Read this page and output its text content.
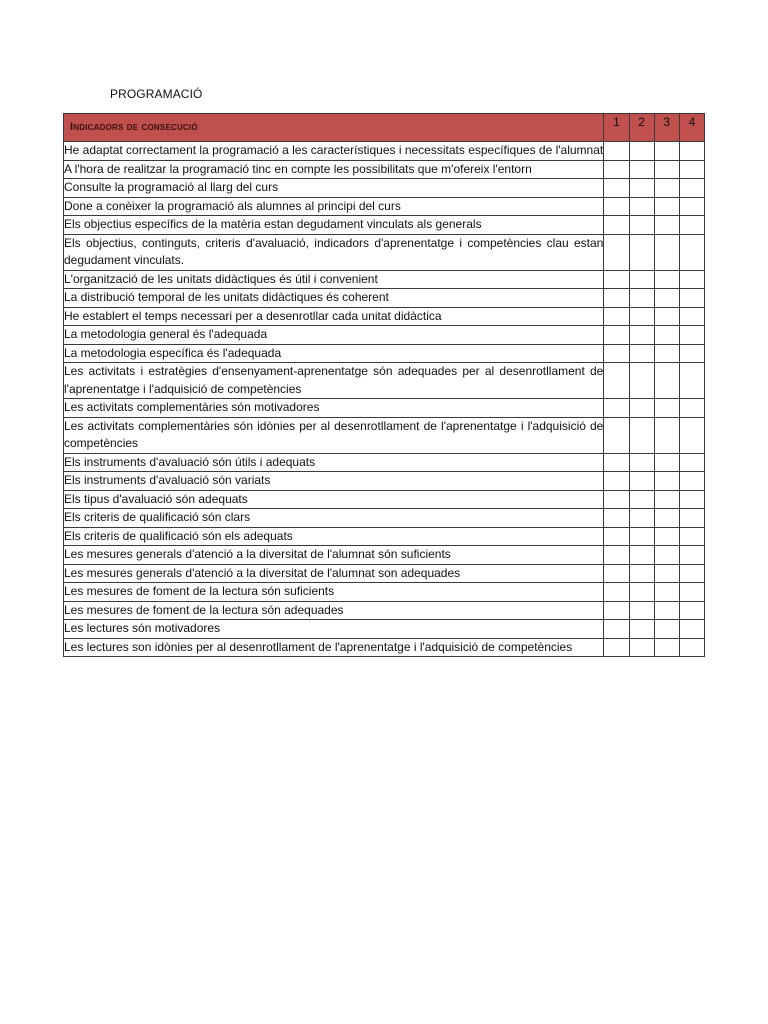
PROGRAMACIÓ
Indicadors de consecució	1	2	3	4
He adaptat correctament la programació a les característiques i necessitats específiques de l'alumnat				
A l'hora de realitzar la programació tinc en compte les possibilitats que m'ofereix l'entorn				
Consulte la programació al llarg del curs				
Done a conèixer la programació als alumnes al principi del curs				
Els objectius específics de la matèria estan degudament vinculats als generals				
Els objectius, continguts, criteris d'avaluació, indicadors d'aprenentatge i competències clau estan degudament vinculats.				
L'organització de les unitats didàctiques és útil i convenient				
La distribució temporal de les unitats didàctiques és coherent				
He establert el temps necessari per a desenrotllar cada unitat didàctica				
La metodologia general és l'adequada				
La metodologia específica és l'adequada				
Les activitats i estratègies d'ensenyament-aprenentatge són adequades per al desenrotllament de l'aprenentatge i l'adquisició de competències				
Les activitats complementàries són motivadores				
Les activitats complementàries són idònies per al desenrotllament de l'aprenentatge i l'adquisició de competències				
Els instruments d'avaluació són útils i adequats				
Els instruments d'avaluació són variats				
Els tipus d'avaluació són adequats				
Els criteris de qualificació són clars				
Els criteris de qualificació són els adequats				
Les mesures generals d'atenció a la diversitat de l'alumnat són suficients				
Les mesures generals d'atenció a la diversitat de l'alumnat son adequades				
Les mesures de foment de la lectura són suficients				
Les mesures de foment de la lectura són adequades				
Les lectures són motivadores				
Les lectures son idònies per al desenrotllament de l'aprenentatge i l'adquisició de competències				
